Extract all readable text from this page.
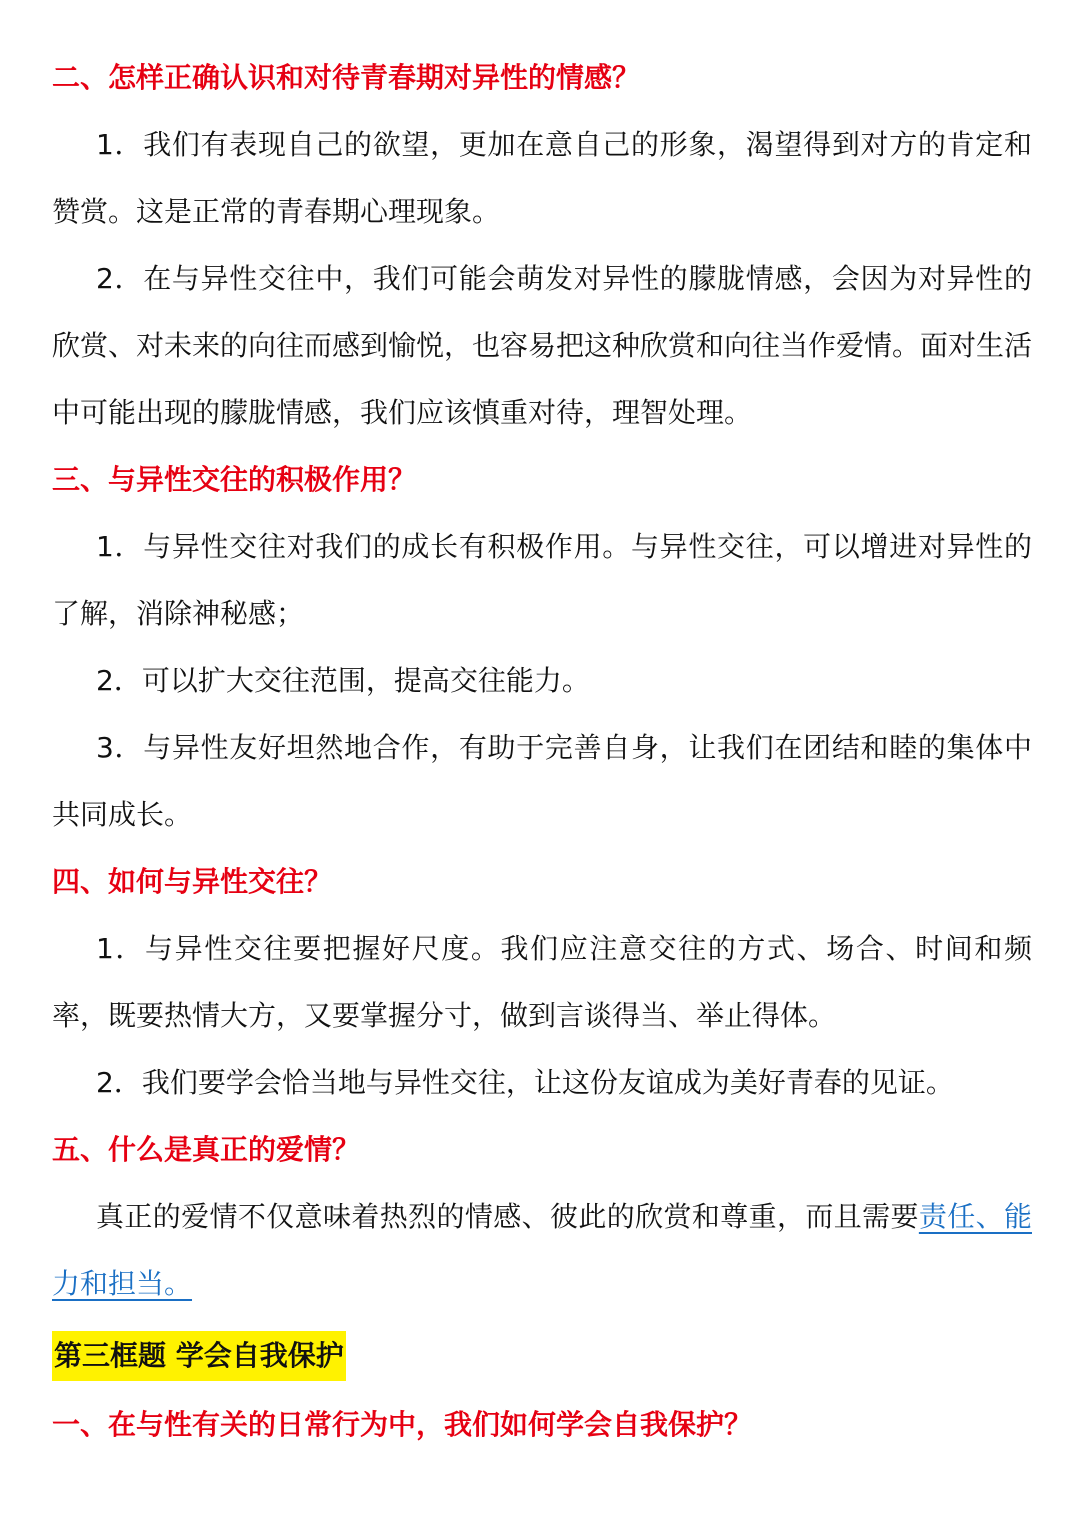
二、怎样正确认识和对待青春期对异性的情感？

1．我们有表现自己的欲望，更加在意自己的形象，渴望得到对方的肯定和赞赏。这是正常的青春期心理现象。

2．在与异性交往中，我们可能会萌发对异性的朦胧情感，会因为对异性的欣赏、对未来的向往而感到愉悦，也容易把这种欣赏和向往当作爱情。面对生活中可能出现的朦胧情感，我们应该慎重对待，理智处理。

三、与异性交往的积极作用？

1．与异性交往对我们的成长有积极作用。与异性交往，可以增进对异性的了解，消除神秘感；

2．可以扩大交往范围，提高交往能力。

3．与异性友好坦然地合作，有助于完善自身，让我们在团结和睦的集体中共同成长。

四、如何与异性交往？

1．与异性交往要把握好尺度。我们应注意交往的方式、场合、时间和频率，既要热情大方，又要掌握分寸，做到言谈得当、举止得体。

2．我们要学会恰当地与异性交往，让这份友谊成为美好青春的见证。

五、什么是真正的爱情？

真正的爱情不仅意味着热烈的情感、彼此的欣赏和尊重，而且需要责任、能力和担当。

第三框题 学会自我保护

一、在与性有关的日常行为中，我们如何学会自我保护？
